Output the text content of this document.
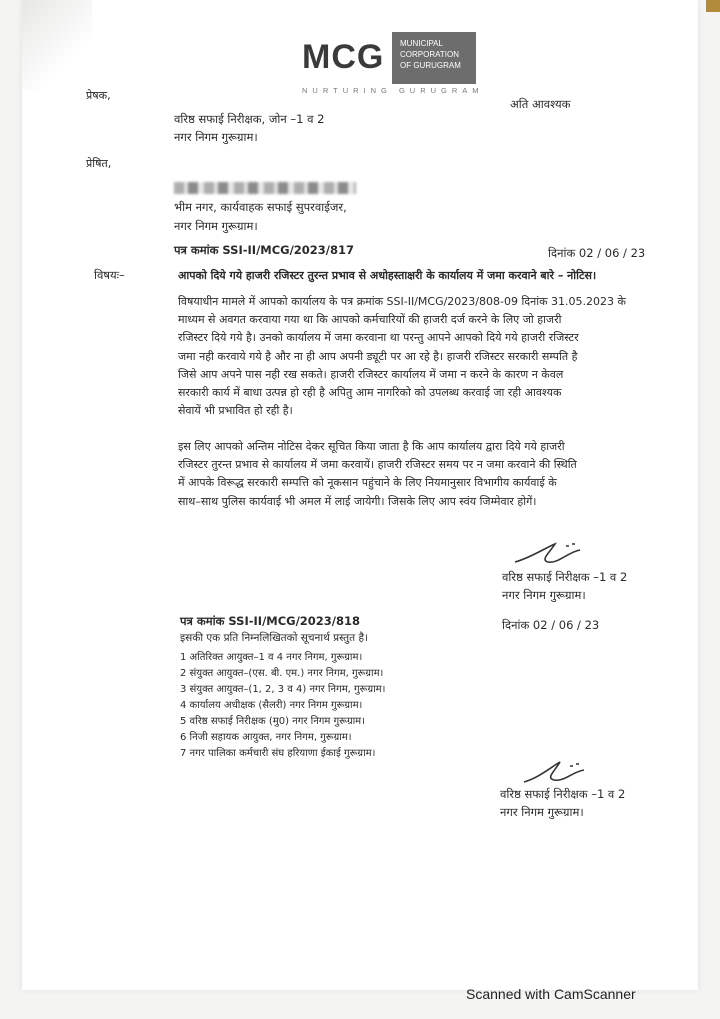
MCG MUNICIPAL
CORPORATION
OF GURUGRAM
NURTURING GURUGRAM
प्रेषक,
अति आवश्यक
वरिष्ठ सफाई निरीक्षक, जोन –1 व 2
नगर निगम गुरूग्राम।
प्रेषित,
भीम नगर, कार्यवाहक सफाई सुपरवाईजर,
नगर निगम गुरूग्राम।
पत्र कमांक SSI-II/MCG/2023/817	दिनांक 02 / 06 / 23
विषयः–	आपको दिये गये हाजरी रजिस्टर तुरन्त प्रभाव से अधोहस्ताक्षरी के कार्यालय में जमा करवाने बारे – नोटिस।
विषयाधीन मामले में आपको कार्यालय के पत्र क्रमांक SSI-II/MCG/2023/808-09 दिनांक 31.05.2023 के
माध्यम से अवगत करवाया गया था कि आपको कर्मचारियों की हाजरी दर्ज करने के लिए जो हाजरी
रजिस्टर दिये गये है। उनको कार्यालय में जमा करवाना था परन्तु आपने आपको दिये गये हाजरी रजिस्टर
जमा नही करवाये गये है और ना ही आप अपनी ड्यूटी पर आ रहे है। हाजरी रजिस्टर सरकारी सम्पति है
जिसे आप अपने पास नही रख सकते। हाजरी रजिस्टर कार्यालय में जमा न करने के कारण न केवल
सरकारी कार्य में बाधा उत्पन्न हो रही है अपितु आम नागरिको को उपलब्ध करवाई जा रही आवश्यक
सेवायें भी प्रभावित हो रही है।
इस लिए आपको अन्तिम नोटिस देकर सूचित किया जाता है कि आप कार्यालय द्वारा दिये गये हाजरी
रजिस्टर तुरन्त प्रभाव से कार्यालय में जमा करवायें। हाजरी रजिस्टर समय पर न जमा करवाने की स्थिति
में आपके विरूद्ध सरकारी सम्पत्ति को नूकसान पहुंचाने के लिए नियमानुसार विभागीय कार्यवाई के
साथ–साथ पुलिस कार्यवाई भी अमल में लाई जायेगी। जिसके लिए आप स्वंय जिम्मेवार होगें।
वरिष्ठ सफाई निरीक्षक –1 व 2
नगर निगम गुरूग्राम।
पत्र कमांक SSI-II/MCG/2023/818	दिनांक 02 / 06 / 23
इसकी एक प्रति निम्नलिखितको सूचनार्थ प्रस्तुत है।
1 अतिरिक्त आयुक्त–1 व 4 नगर निगम, गुरूग्राम।
2 संयुक्त आयुक्त–(एस. बी. एम.) नगर निगम, गुरूग्राम।
3 संयुक्त आयुक्त–(1, 2, 3 व 4) नगर निगम, गुरूग्राम।
4 कार्यालय अधीक्षक (सैलरी) नगर निगम गुरूग्राम।
5 वरिष्ठ सफाई निरीक्षक (मु0) नगर निगम गुरूग्राम।
6 निजी सहायक आयुक्त, नगर निगम, गुरूग्राम।
7 नगर पालिका कर्मचारी संघ हरियाणा ईकाई गुरूग्राम।
वरिष्ठ सफाई निरीक्षक –1 व 2
नगर निगम गुरूग्राम।
Scanned with CamScanner
